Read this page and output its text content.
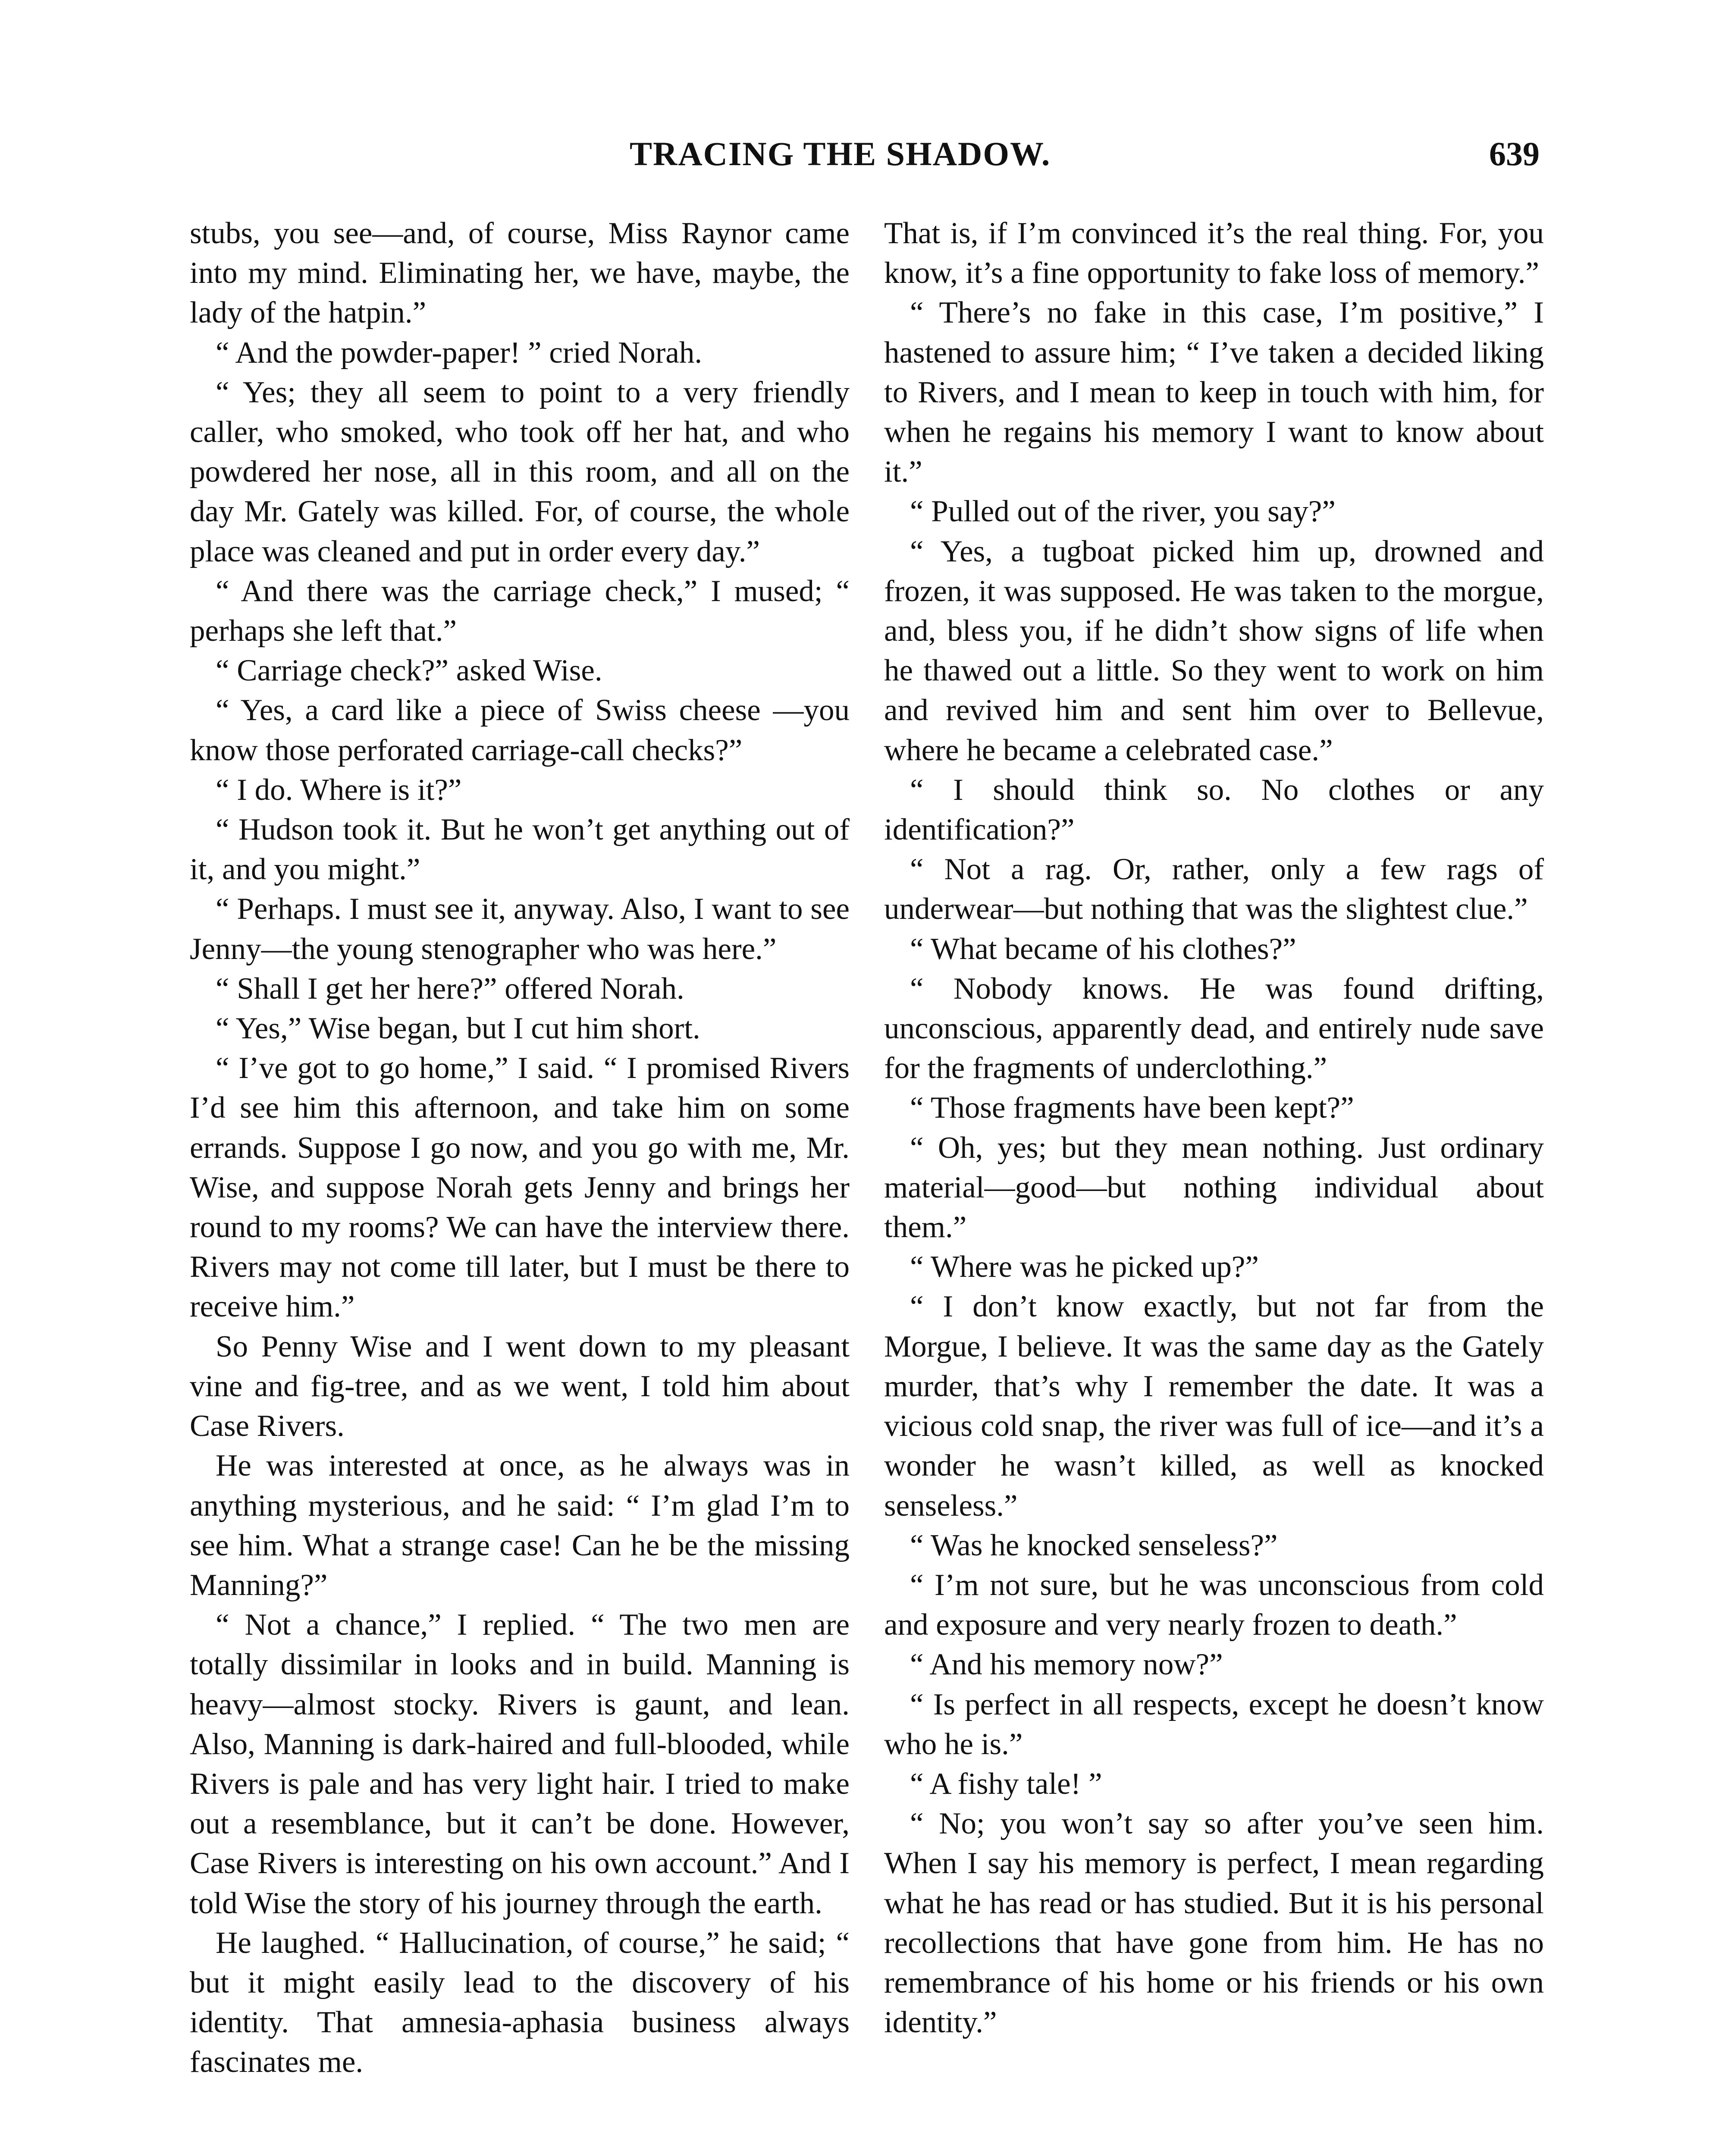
TRACING THE SHADOW.	639

stubs, you see—and, of course, Miss Raynor came into my mind. Eliminating her, we have, maybe, the lady of the hatpin.”

“ And the powder-paper! ” cried Norah.

“ Yes; they all seem to point to a very friendly caller, who smoked, who took off her hat, and who powdered her nose, all in this room, and all on the day Mr. Gately was killed. For, of course, the whole place was cleaned and put in order every day.”

“ And there was the carriage check,” I mused; “ perhaps she left that.”

“ Carriage check?” asked Wise.

“ Yes, a card like a piece of Swiss cheese —you know those perforated carriage-call checks?”

“ I do. Where is it?”

“ Hudson took it. But he won’t get anything out of it, and you might.”

“ Perhaps. I must see it, anyway. Also, I want to see Jenny—the young stenographer who was here.”

“ Shall I get her here?” offered Norah.

“ Yes,” Wise began, but I cut him short.

“ I’ve got to go home,” I said. “ I promised Rivers I’d see him this afternoon, and take him on some errands. Suppose I go now, and you go with me, Mr. Wise, and suppose Norah gets Jenny and brings her round to my rooms? We can have the interview there. Rivers may not come till later, but I must be there to receive him.”

So Penny Wise and I went down to my pleasant vine and fig-tree, and as we went, I told him about Case Rivers.

He was interested at once, as he always was in anything mysterious, and he said: “ I’m glad I’m to see him. What a strange case! Can he be the missing Manning?”

“ Not a chance,” I replied. “ The two men are totally dissimilar in looks and in build. Manning is heavy—almost stocky. Rivers is gaunt, and lean. Also, Manning is dark-haired and full-blooded, while Rivers is pale and has very light hair. I tried to make out a resemblance, but it can’t be done. However, Case Rivers is interesting on his own account.” And I told Wise the story of his journey through the earth.

He laughed. “ Hallucination, of course,” he said; “ but it might easily lead to the discovery of his identity. That amnesia-aphasia business always fascinates me.

That is, if I’m convinced it’s the real thing. For, you know, it’s a fine opportunity to fake loss of memory.”

“ There’s no fake in this case, I’m positive,” I hastened to assure him; “ I’ve taken a decided liking to Rivers, and I mean to keep in touch with him, for when he regains his memory I want to know about it.”

“ Pulled out of the river, you say?”

“ Yes, a tugboat picked him up, drowned and frozen, it was supposed. He was taken to the morgue, and, bless you, if he didn’t show signs of life when he thawed out a little. So they went to work on him and revived him and sent him over to Bellevue, where he became a celebrated case.”

“ I should think so. No clothes or any identification?”

“ Not a rag. Or, rather, only a few rags of underwear—but nothing that was the slightest clue.”

“ What became of his clothes?”

“ Nobody knows. He was found drifting, unconscious, apparently dead, and entirely nude save for the fragments of underclothing.”

“ Those fragments have been kept?”

“ Oh, yes; but they mean nothing. Just ordinary material—good—but nothing individual about them.”

“ Where was he picked up?”

“ I don’t know exactly, but not far from the Morgue, I believe. It was the same day as the Gately murder, that’s why I remember the date. It was a vicious cold snap, the river was full of ice—and it’s a wonder he wasn’t killed, as well as knocked senseless.”

“ Was he knocked senseless?”

“ I’m not sure, but he was unconscious from cold and exposure and very nearly frozen to death.”

“ And his memory now?”

“ Is perfect in all respects, except he doesn’t know who he is.”

“ A fishy tale! ”

“ No; you won’t say so after you’ve seen him. When I say his memory is perfect, I mean regarding what he has read or has studied. But it is his personal recollections that have gone from him. He has no remembrance of his home or his friends or his own identity.”
